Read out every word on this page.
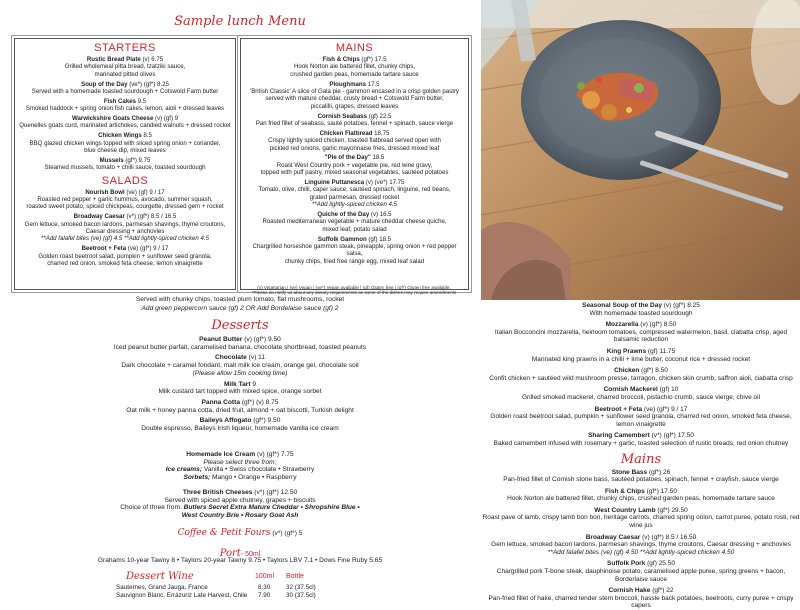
Sample lunch Menu
STARTERS
Rustic Bread Plate (v) 6.75
Grilled wholemeal pitta bread, tzatziki sauce,
marinated pitted olives
Soup of the Day (ve*) (gf*) 8.25
Served with a homemade toasted sourdough + Cotswold Farm butter
Fish Cakes 9.5
Smoked haddock + spring onion fish cakes, lemon, aioli + dressed leaves
Warwickshire Goats Cheese (v) (gf) 9
Quenelles goats curd, marinated artichokes, candied walnuts + dressed rocket
Chicken Wings 8.5
BBQ glazed chicken wings topped with sliced spring onion + coriander,
blue cheese dip, mixed leaves
Mussels (gf*) 9.75
Steamed mussels, tomato + chilli sauce, toasted sourdough
SALADS
Nourish Bowl (ve) (gf) 9 / 17
Roasted red pepper + garlic hummus, avocado, summer squash,
roasted sweet potato, spiced chickpeas, courgette, dressed gem + rocket
Broadway Caesar (v*) (gf*) 8.5 / 16.5
Gem lettuce, smoked bacon lardons, parmesan shavings, thyme croutons,
Caesar dressing + anchovies
**Add falafel bites (ve) (gf) 4.5 **Add lightly-spiced chicken 4.5
Beetroot + Feta (ve) (gf*) 9 / 17
Golden roast beetroot salad, pumpkin + sunflower seed granola,
charred red onion, smoked feta cheese, lemon vinaigrette
MAINS
Fish & Chips (gf*) 17.5
Hook Norton ale battered fillet, chunky chips,
crushed garden peas, homemade tartare sauce
Ploughmans 17.5
'British Classic' A slice of Gala pie - gammon encased in a crisp golden pastry
served with mature cheddar, crusty bread + Cotswold Farm butter,
piccalilli, grapes, dressed leaves
Cornish Seabass (gf) 22.5
Pan fried fillet of seabass, sauté potatoes, fennel + spinach, sauce vierge
Chicken Flatbread 18.75
Crispy lightly spiced chicken, toasted flatbread served open with
pickled red onions, garlic mayonnaise fries, dressed mixed leaf
"Pie of the Day" 18.5
Roast West Country pork + vegetable pie, red wine gravy,
topped with puff pastry, mixed seasonal vegetables, sautéed potatoes
Linguine Puttanesca (v) (ve*) 17.75
Tomato, olive, chilli, caper sauce, sautéed spinach, linguine, red beans,
grated parmesan, dressed rocket
**Add lightly-spiced chicken 4.5
Quiche of the Day (v) 16.5
Roasted mediterranean vegetable + mature cheddar cheese quiche,
mixed leaf, potato salad
Suffolk Gammon (gf) 18.5
Chargrilled horseshoe gammon steak, pineapple, spring onion + red pepper salsa,
chunky chips, fried free range egg, mixed leaf salad
(v) Vegetarian | (ve) Vegan | (ve*) Vegan available | (gf) Gluten free | (gf*) Gluten free available.
*Please do notify us about any dietary requirements as some of the dishes may require amendments
Served with chunky chips, toasted plum tomato, flat mushrooms, rocket
Add green peppercorn sauce (gf) 2 OR Add Bordelaise sauce (gf) 2
Desserts
Peanut Butter (v) (gf*) 9.50
Iced peanut butter parfait, caramelised banana, chocolate shortbread, toasted peanuts
Chocolate (v) 11
Dark chocolate + caramel fondant, malt milk ice cream, orange gel, chocolate soil
(Please allow 15m cooking time)
Milk Tart 9
Milk custard tart topped with mixed spice, orange sorbet
Panna Cotta (gf*) (v) 8.75
Oat milk + honey panna cotta, dried fruit, almond + oat biscotti, Turkish delight
Baileys Affogato (gf*) 9.50
Double espresso, Baileys Irish liqueur, homemade vanilla ice cream
Homemade Ice Cream (v) (gf*) 7.75
Please select three from;
Ice creams; Vanilla • Swiss chocolate • Strawberry
Sorbets; Mango • Orange • Raspberry
Three British Cheeses (v*) (gf*) 12.50
Served with spiced apple chutney, grapes + biscuits
Choice of three from: Butlers Secret Extra Mature Cheddar • Shropshire Blue •
West Country Brie • Rosary Goat Ash
Coffee & Petit Fours (v*) (gf*) 5
Port- 50ml
Grahams 10-year Tawny 8 • Taylors 20-year Tawny 9.75 • Taylors LBV 7.1 • Dows Fine Ruby 5.65
Dessert Wine	100ml Bottle
Sauternes, Grand Jauga, France	8.30 32 (37.5cl)
Sauvignon Blanc, Errázuriz Late Harvest, Chile 7.90 30 (37.5cl)
Seasonal Soup of the Day (v) (gf*) 8.25
With homemade toasted sourdough
Mozzarella (v) (gf*) 8.50
Italian Bocconcini mozzarella, heirloom tomatoes, compressed watermelon, basil, ciabatta crisp, aged balsamic reduction
King Prawns (gf) 11.75
Marinated king prawns in a chilli + lime butter, coconut rice + dressed rocket
Chicken (gf*) 8.50
Confit chicken + sautéed wild mushroom presse, tarragon, chicken skin crumb, saffron aioli, ciabatta crisp
Cornish Mackerel (gf) 10
Grilled smoked mackerel, charred broccoli, pistachio crumb, sauce vierge, chive oil
Beetroot + Feta (ve) (gf*) 9 / 17
Golden roast beetroot salad, pumpkin + sunflower seed granola, charred red onion, smoked feta cheese, lemon vinaigrette
Sharing Camembert (v*) (gf*) 17.50
Baked camembert infused with rosemary + garlic, toasted selection of rustic breads, red onion chutney
Mains
Stone Bass (gf*) 26
Pan-fried fillet of Cornish stone bass, sautéed potatoes, spinach, fennel + crayfish, sauce vierge
Fish & Chips (gf*) 17.50
Hook Norton ale battered fillet, chunky chips, crushed garden peas, homemade tartare sauce
West Country Lamb (gf*) 29.50
Roast pave of lamb, crispy lamb bon bon, heritage carrots, charred spring onion, carrot puree, potato rosti, red wine jus
Broadway Caesar (v) (gf*) 8.5 / 16.50
Gem lettuce, smoked bacon lardons, parmesan shavings, thyme croutons, Caesar dressing + anchovies
**Add falafel bites (ve) (gf) 4.50 **Add lightly-spiced chicken 4.50
Suffolk Pork (gf) 25.50
Chargrilled pork T-bone steak, dauphinoise potato, caramelised apple puree, spring greens + bacon, Borderlaise sauce
Cornish Hake (gf*) 22
Pan-fried fillet of hake, charred tender stem broccoli, hassle back potatoes, beetroots, curry puree + crispy capers
